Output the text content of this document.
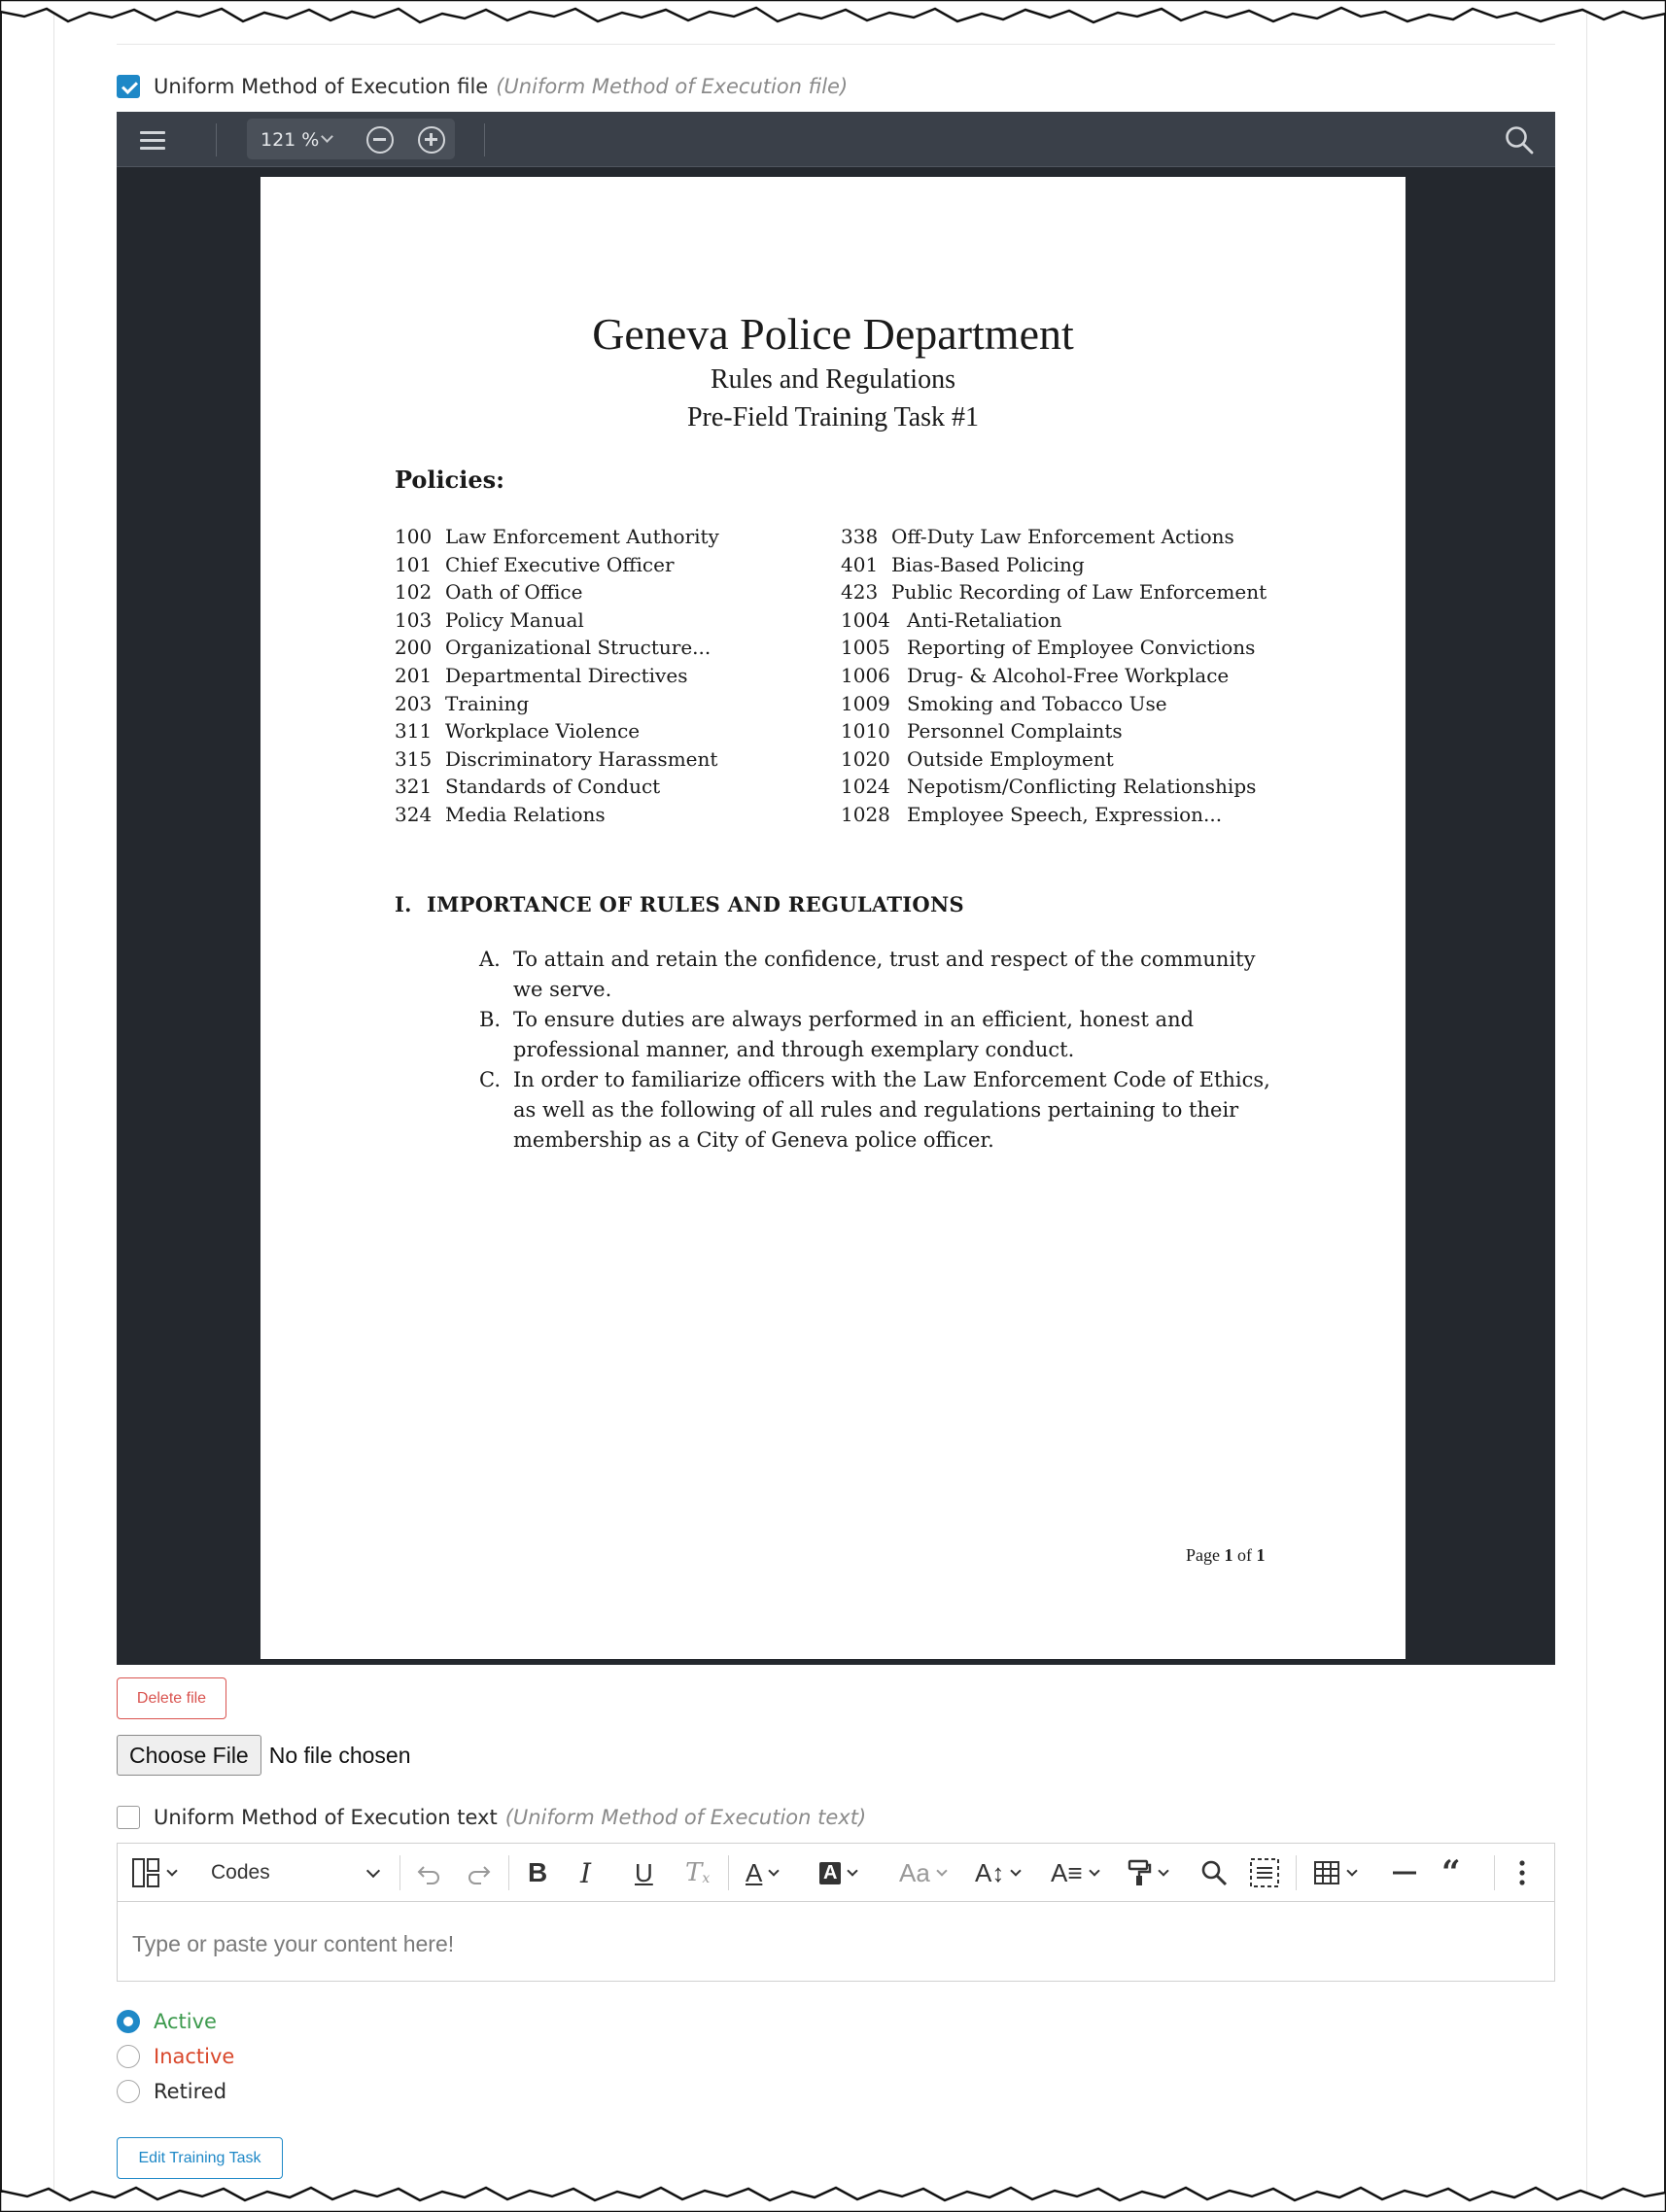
Uniform Method of Execution file (Uniform Method of Execution file)
121 %
Geneva Police Department
Rules and Regulations
Pre-Field Training Task #1
Policies:
100 Law Enforcement Authority
101 Chief Executive Officer
102 Oath of Office
103 Policy Manual
200 Organizational Structure...
201 Departmental Directives
203 Training
311 Workplace Violence
315 Discriminatory Harassment
321 Standards of Conduct
324 Media Relations
338 Off-Duty Law Enforcement Actions
401 Bias-Based Policing
423 Public Recording of Law Enforcement
1004 Anti-Retaliation
1005 Reporting of Employee Convictions
1006 Drug- & Alcohol-Free Workplace
1009 Smoking and Tobacco Use
1010 Personnel Complaints
1020 Outside Employment
1024 Nepotism/Conflicting Relationships
1028 Employee Speech, Expression...
I.  IMPORTANCE OF RULES AND REGULATIONS
A. To attain and retain the confidence, trust and respect of the community we serve.
B. To ensure duties are always performed in an efficient, honest and professional manner, and through exemplary conduct.
C. In order to familiarize officers with the Law Enforcement Code of Ethics, as well as the following of all rules and regulations pertaining to their membership as a City of Geneva police officer.
Page 1 of 1
Delete file
Choose File No file chosen
Uniform Method of Execution text (Uniform Method of Execution text)
Codes	B I U T x A	A Aa	A↕	A≡	“
Type or paste your content here!
Active
Inactive
Retired
Edit Training Task
